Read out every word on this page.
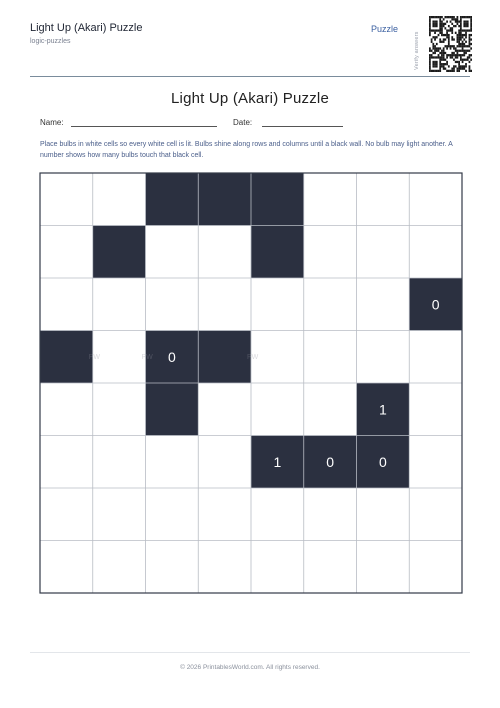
Light Up (Akari) Puzzle
logic-puzzles
Puzzle
Verify answers
Light Up (Akari) Puzzle
Name:	Date:
Place bulbs in white cells so every white cell is lit. Bulbs shine along rows and columns until a black wall. No bulb may light another. A number shows how many bulbs touch that black cell.
0
0
1
1	0	0
PW	PW	PW
© 2026 PrintablesWorld.com. All rights reserved.
